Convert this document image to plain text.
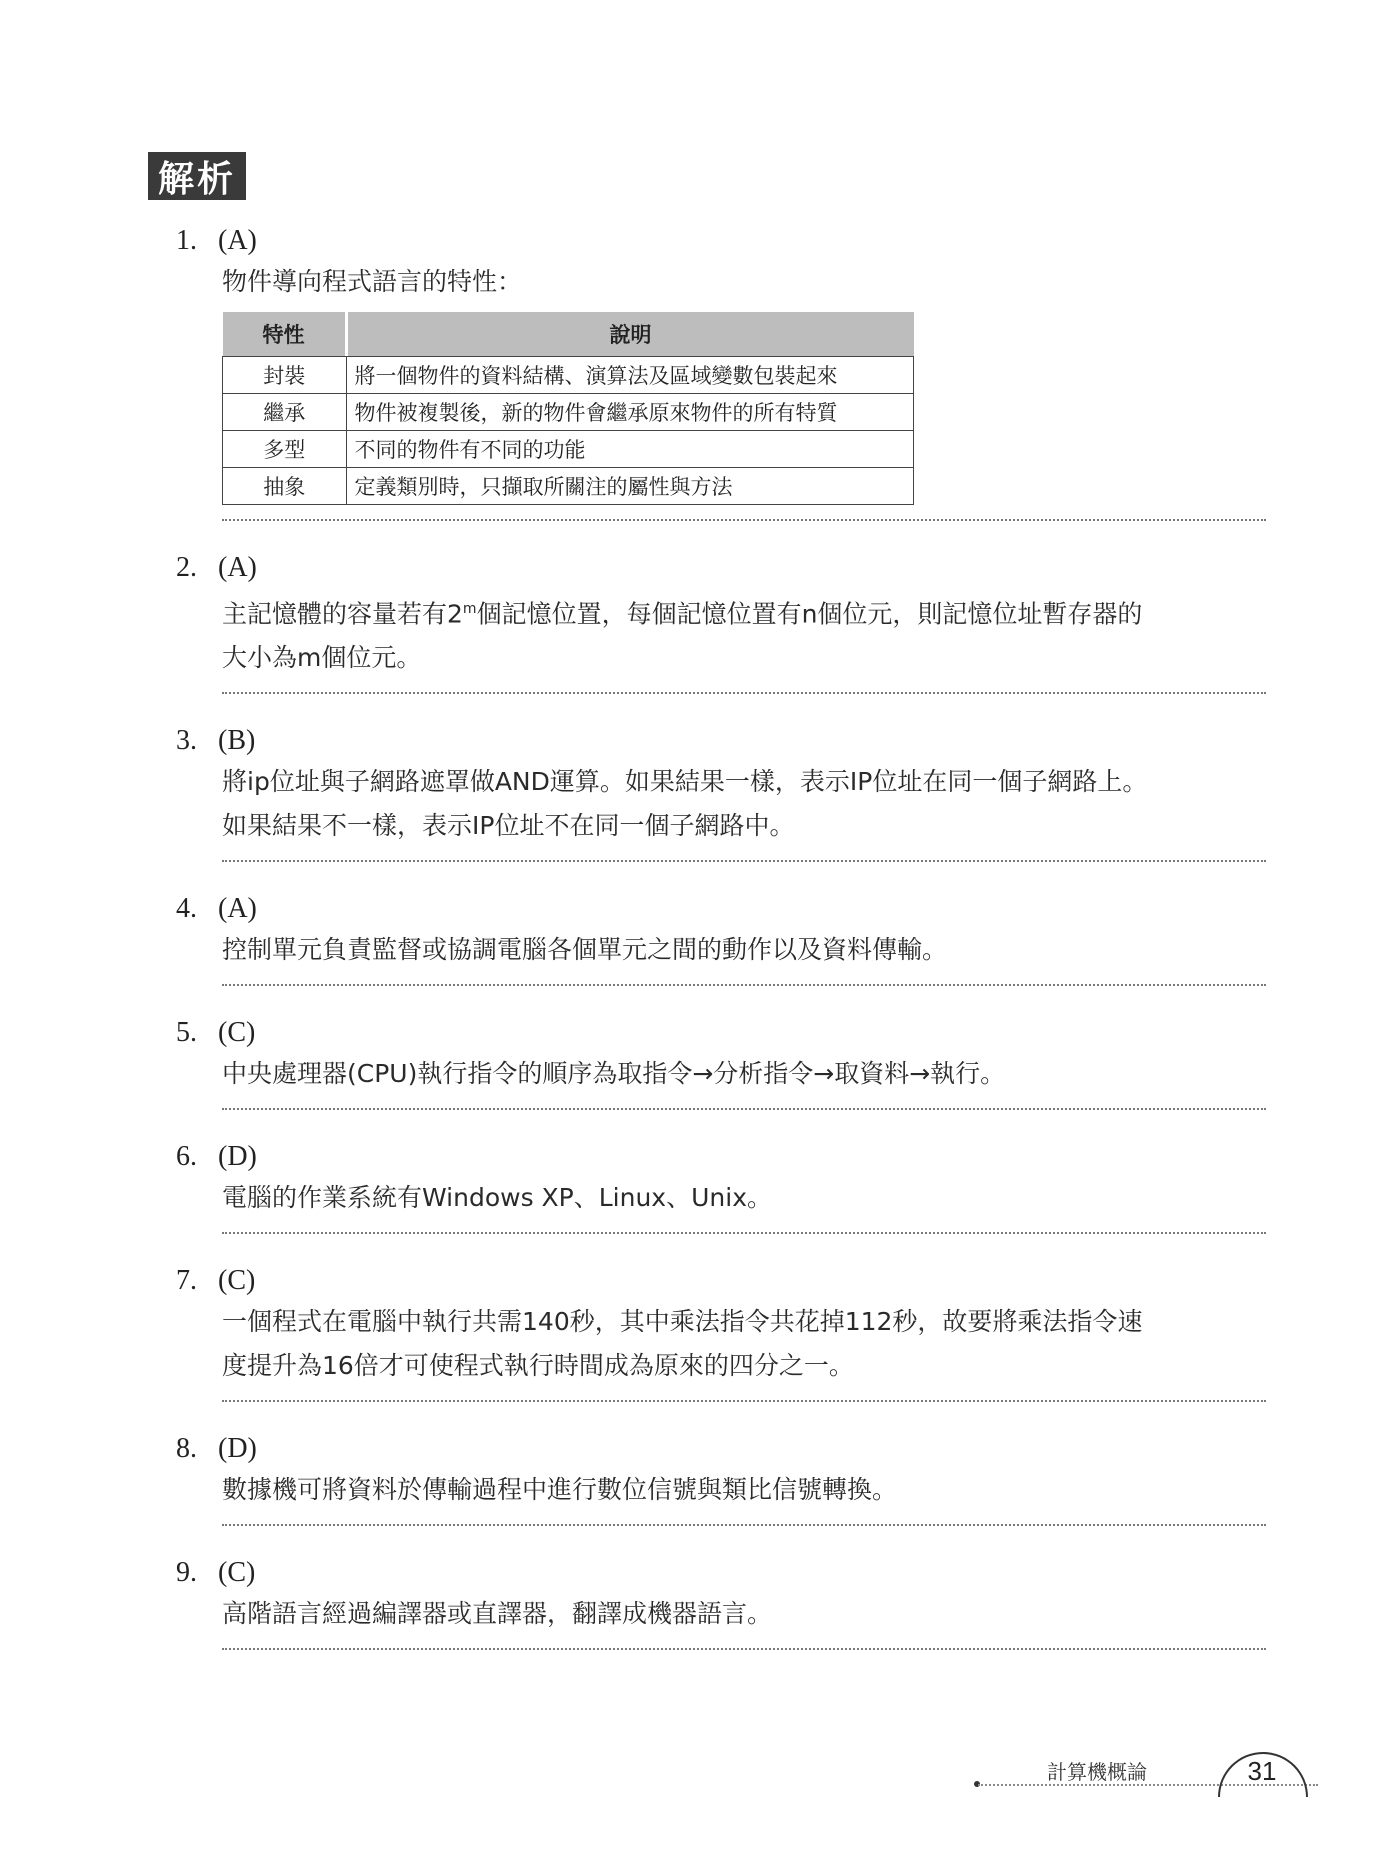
解析
1. (A)
物件導向程式語言的特性：
特性	說明

封裝	將一個物件的資料結構、演算法及區域變數包裝起來
繼承	物件被複製後，新的物件會繼承原來物件的所有特質
多型	不同的物件有不同的功能
抽象	定義類別時，只擷取所關注的屬性與方法
2. (A)
主記憶體的容量若有2$^m$個記憶位置，每個記憶位置有n個位元，則記憶位址暫存器的
大小為m個位元。
3. (B)
將ip位址與子網路遮罩做AND運算。如果結果一樣，表示IP位址在同一個子網路上。
如果結果不一樣，表示IP位址不在同一個子網路中。
4. (A)
控制單元負責監督或協調電腦各個單元之間的動作以及資料傳輸。
5. (C)
中央處理器(CPU)執行指令的順序為取指令→分析指令→取資料→執行。
6. (D)
電腦的作業系統有Windows XP、Linux、Unix。
7. (C)
一個程式在電腦中執行共需140秒，其中乘法指令共花掉112秒，故要將乘法指令速
度提升為16倍才可使程式執行時間成為原來的四分之一。
8. (D)
數據機可將資料於傳輸過程中進行數位信號與類比信號轉換。
9. (C)
高階語言經過編譯器或直譯器，翻譯成機器語言。
計算機概論	31
